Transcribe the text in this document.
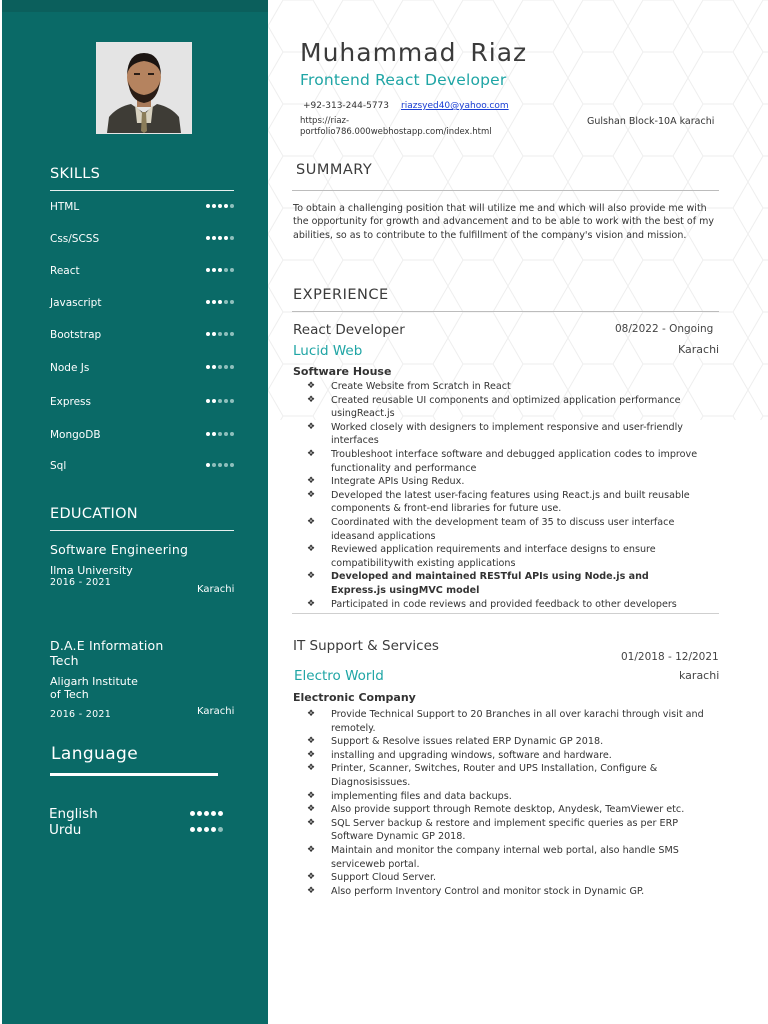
SKILLS
HTML
Css/SCSS
React
Javascript
Bootstrap
Node Js
Express
MongoDB
Sql
EDUCATION
Software Engineering
Ilma University
2016 - 2021
Karachi
D.A.E Information
Tech
Aligarh Institute
of Tech
2016 - 2021	Karachi
Language
English
Urdu
Muhammad Riaz
Frontend React Developer
+92-313-244-5773 riazsyed40@yahoo.com
https://riaz-
portfolio786.000webhostapp.com/index.html
Gulshan Block-10A karachi
SUMMARY
To obtain a challenging position that will utilize me and which will also provide me with the opportunity for growth and advancement and to be able to work with the best of my abilities, so as to contribute to the fulfillment of the company's vision and mission.
EXPERIENCE
React Developer	08/2022 - Ongoing
Lucid Web	Karachi
Software House
❖ Create Website from Scratch in React
❖ Created reusable UI components and optimized application performance usingReact.js
❖ Worked closely with designers to implement responsive and user-friendly interfaces
❖ Troubleshoot interface software and debugged application codes to improve functionality and performance
❖ Integrate APIs Using Redux.
❖ Developed the latest user-facing features using React.js and built reusable components & front-end libraries for future use.
❖ Coordinated with the development team of 35 to discuss user interface ideasand applications
❖ Reviewed application requirements and interface designs to ensure compatibilitywith existing applications
❖ Developed and maintained RESTful APIs using Node.js and Express.js usingMVC model
❖ Participated in code reviews and provided feedback to other developers
IT Support & Services
01/2018 - 12/2021
Electro World	karachi
Electronic Company
❖ Provide Technical Support to 20 Branches in all over karachi through visit and remotely.
❖ Support & Resolve issues related ERP Dynamic GP 2018.
❖ installing and upgrading windows, software and hardware.
❖ Printer, Scanner, Switches, Router and UPS Installation, Configure & Diagnosisissues.
❖ implementing files and data backups.
❖ Also provide support through Remote desktop, Anydesk, TeamViewer etc.
❖ SQL Server backup & restore and implement specific queries as per ERP Software Dynamic GP 2018.
❖ Maintain and monitor the company internal web portal, also handle SMS serviceweb portal.
❖ Support Cloud Server.
❖ Also perform Inventory Control and monitor stock in Dynamic GP.
